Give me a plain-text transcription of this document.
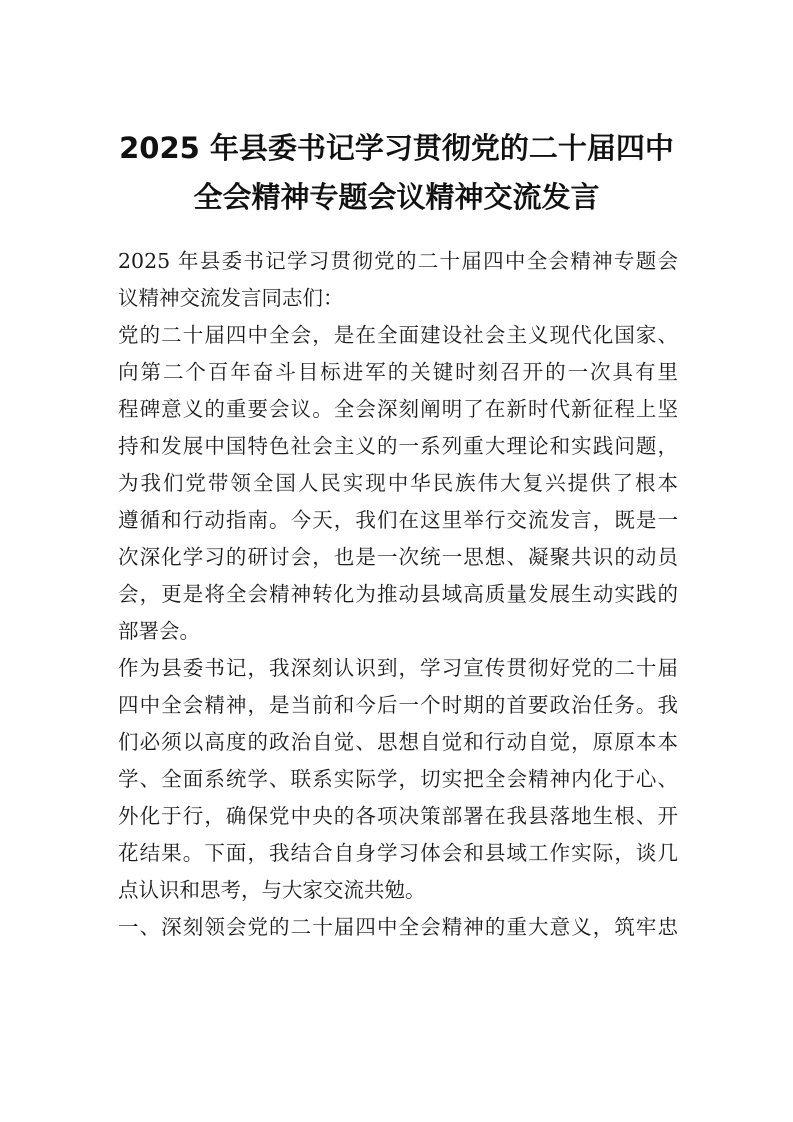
2025 年县委书记学习贯彻党的二十届四中
全会精神专题会议精神交流发言
2025 年县委书记学习贯彻党的二十届四中全会精神专题会
议精神交流发言同志们：
党的二十届四中全会，是在全面建设社会主义现代化国家、
向第二个百年奋斗目标进军的关键时刻召开的一次具有里
程碑意义的重要会议。全会深刻阐明了在新时代新征程上坚
持和发展中国特色社会主义的一系列重大理论和实践问题，
为我们党带领全国人民实现中华民族伟大复兴提供了根本
遵循和行动指南。今天，我们在这里举行交流发言，既是一
次深化学习的研讨会，也是一次统一思想、凝聚共识的动员
会，更是将全会精神转化为推动县域高质量发展生动实践的
部署会。
作为县委书记，我深刻认识到，学习宣传贯彻好党的二十届
四中全会精神，是当前和今后一个时期的首要政治任务。我
们必须以高度的政治自觉、思想自觉和行动自觉，原原本本
学、全面系统学、联系实际学，切实把全会精神内化于心、
外化于行，确保党中央的各项决策部署在我县落地生根、开
花结果。下面，我结合自身学习体会和县域工作实际，谈几
点认识和思考，与大家交流共勉。
一、深刻领会党的二十届四中全会精神的重大意义，筑牢忠
